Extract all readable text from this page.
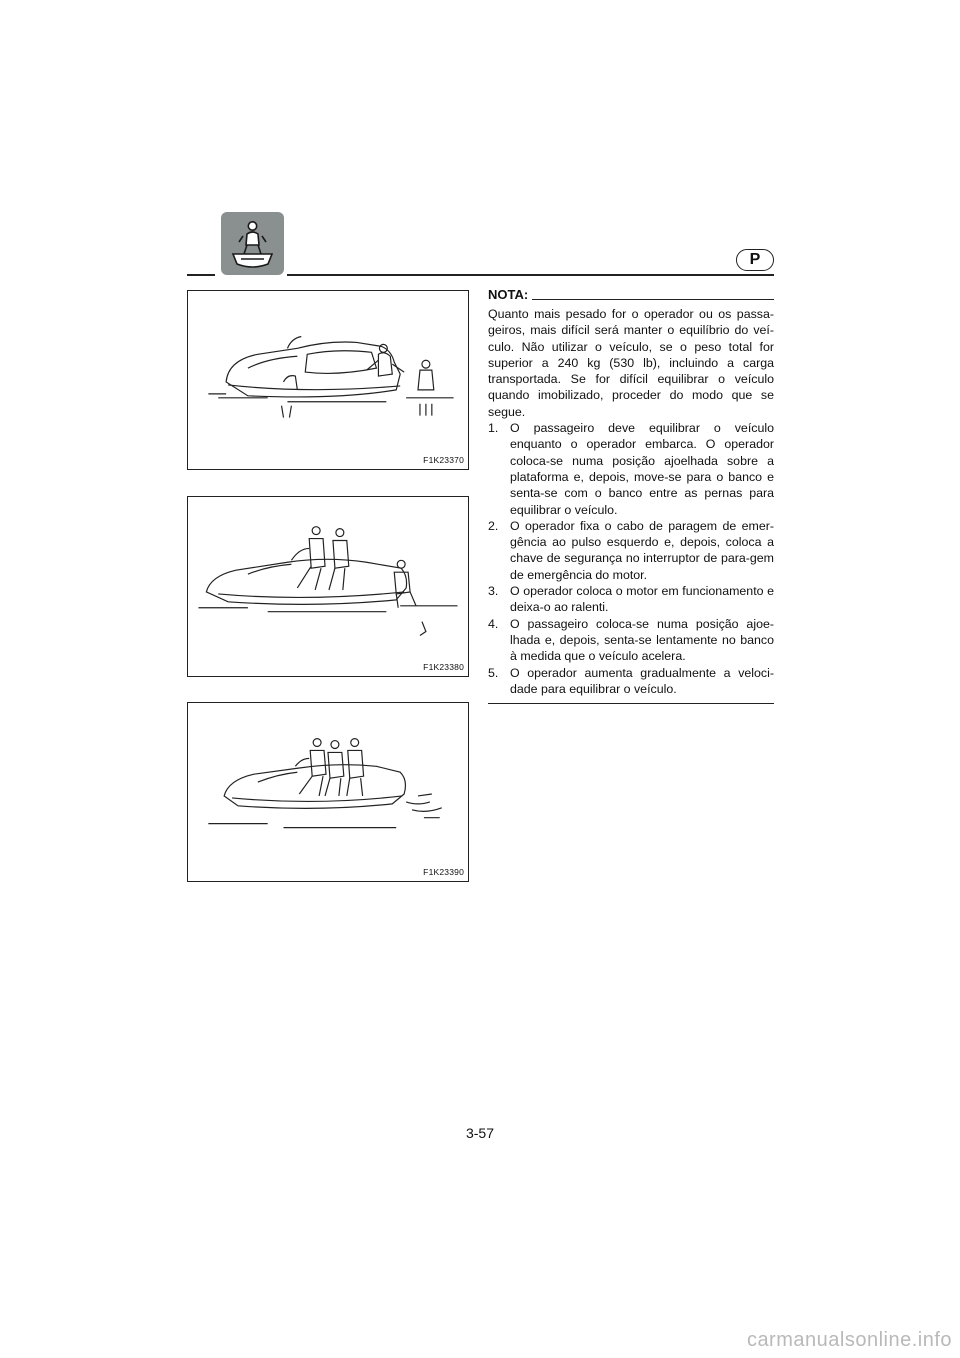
P
F1K23370
F1K23380
F1K23390
NOTA:

Quanto mais pesado for o operador ou os passa-geiros, mais difícil será manter o equilíbrio do veí-culo. Não utilizar o veículo, se o peso total for superior a 240 kg (530 lb), incluindo a carga transportada. Se for difícil equilibrar o veículo quando imobilizado, proceder do modo que se segue.

1. O passageiro deve equilibrar o veículo enquanto o operador embarca. O operador coloca-se numa posição ajoelhada sobre a plataforma e, depois, move-se para o banco e senta-se com o banco entre as pernas para equilibrar o veículo.
2. O operador fixa o cabo de paragem de emer-gência ao pulso esquerdo e, depois, coloca a chave de segurança no interruptor de para-gem de emergência do motor.
3. O operador coloca o motor em funcionamento e deixa-o ao ralenti.
4. O passageiro coloca-se numa posição ajoe-lhada e, depois, senta-se lentamente no banco à medida que o veículo acelera.
5. O operador aumenta gradualmente a veloci-dade para equilibrar o veículo.
3-57
carmanualsonline.info
